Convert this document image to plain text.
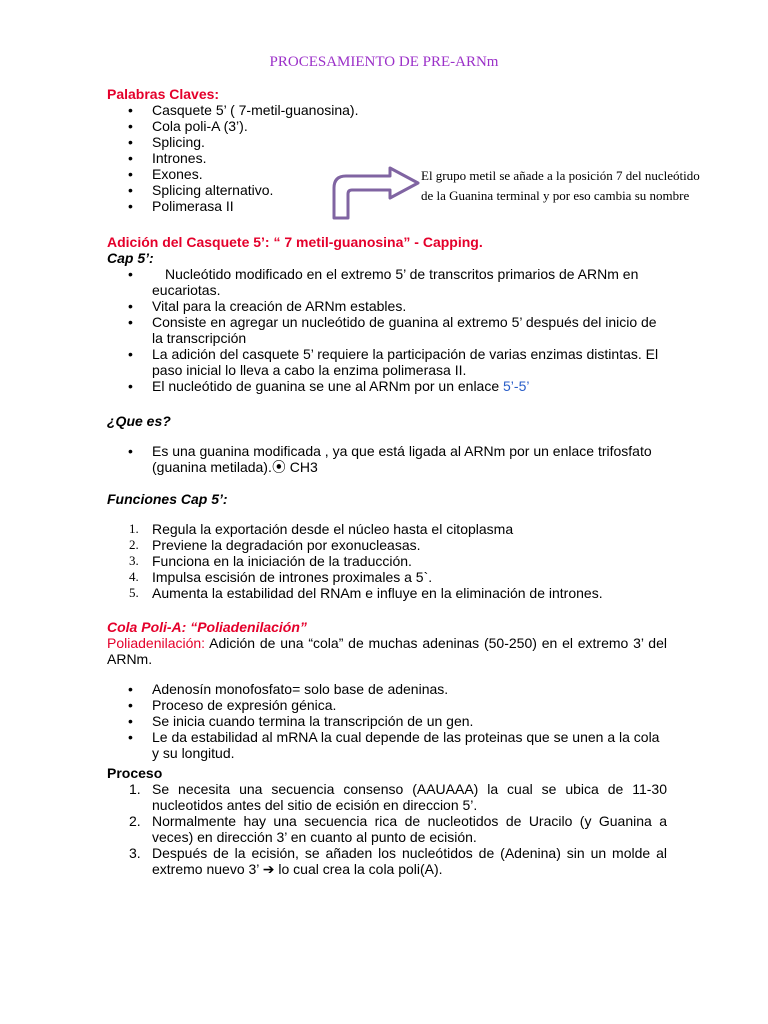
PROCESAMIENTO DE PRE-ARNm
Palabras Claves:
•	Casquete 5’ ( 7-metil-guanosina).
•	Cola poli-A (3’).
•	Splicing.
•	Intrones.
•	Exones.
•	Splicing alternativo.
•	Polimerasa II
El grupo metil se añade a la posición 7 del nucleótido de la Guanina terminal y por eso cambia su nombre
Adición del Casquete 5’: “ 7 metil-guanosina” - Capping.
Cap 5’:
•	Nucleótido modificado en el extremo 5’ de transcritos primarios de ARNm en eucariotas.
•	Vital para la creación de ARNm estables.
•	Consiste en agregar un nucleótido de guanina al extremo 5’ después del inicio de la transcripción
•	La adición del casquete 5’ requiere la participación de varias enzimas distintas. El paso inicial lo lleva a cabo la enzima polimerasa II.
•	El nucleótido de guanina se une al ARNm por un enlace 5’-5’
¿Que es?
•	Es una guanina modificada , ya que está ligada al ARNm por un enlace trifosfato (guanina metilada).⦿ CH3
Funciones Cap 5’:
1. Regula la exportación desde el núcleo hasta el citoplasma
2. Previene la degradación por exonucleasas.
3. Funciona en la iniciación de la traducción.
4. Impulsa escisión de intrones proximales a 5`.
5. Aumenta la estabilidad del RNAm e influye en la eliminación de intrones.
Cola Poli-A: “Poliadenilación”
Poliadenilación: Adición de una “cola” de muchas adeninas (50-250) en el extremo 3’ del ARNm.
•	Adenosín monofosfato= solo base de adeninas.
•	Proceso de expresión génica.
•	Se inicia cuando termina la transcripción de un gen.
•	Le da estabilidad al mRNA la cual depende de las proteinas que se unen a la cola y su longitud.
Proceso
1. Se necesita una secuencia consenso (AAUAAA) la cual se ubica de 11-30 nucleotidos antes del sitio de ecisión en direccion 5’.
2. Normalmente hay una secuencia rica de nucleotidos de Uracilo (y Guanina a veces) en dirección 3’ en cuanto al punto de ecisión.
3. Después de la ecisión, se añaden los nucleótidos de (Adenina) sin un molde al extremo nuevo 3’ ➔ lo cual crea la cola poli(A).
